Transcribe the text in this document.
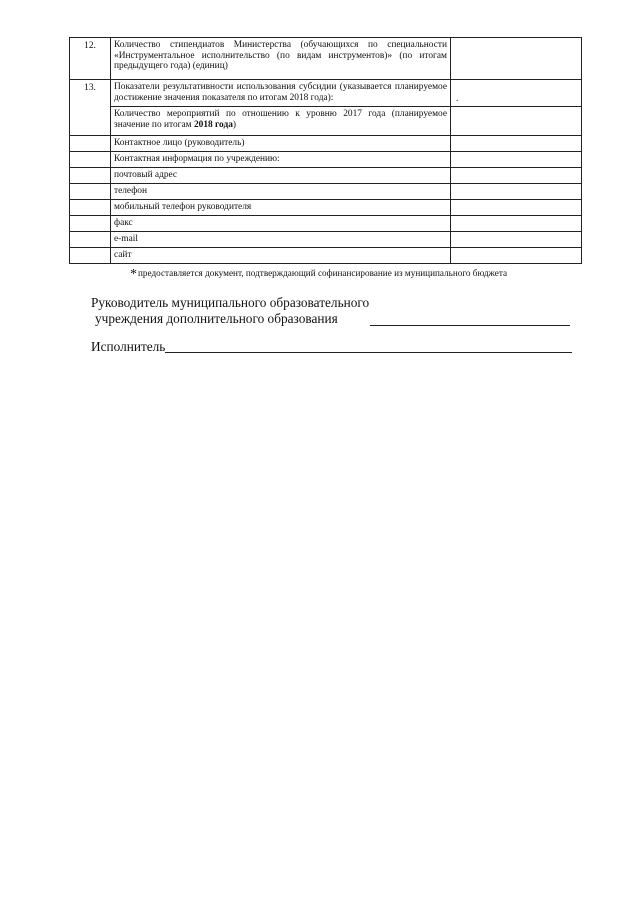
12.	Количество стипендиатов Министерства (обучающихся по специальности «Инструментальное исполнительство (по видам инструментов)» (по итогам предыдущего года) (единиц)	
13.	Показатели результативности использования субсидии (указывается планируемое достижение значения показателя по итогам 2018 года):	.

	Количество мероприятий по отношению к уровню 2017 года (планируемое значение по итогам 2018 года)	
	Контактное лицо (руководитель)	
	Контактная информация по учреждению:	
	почтовый адрес	
	телефон	
	мобильный телефон руководителя	
	факс	
	e-mail	
	сайт	
*предоставляется документ, подтверждающий софинансирование из муниципального бюджета
Руководитель муниципального образовательного
учреждения дополнительного образования
Исполнитель
